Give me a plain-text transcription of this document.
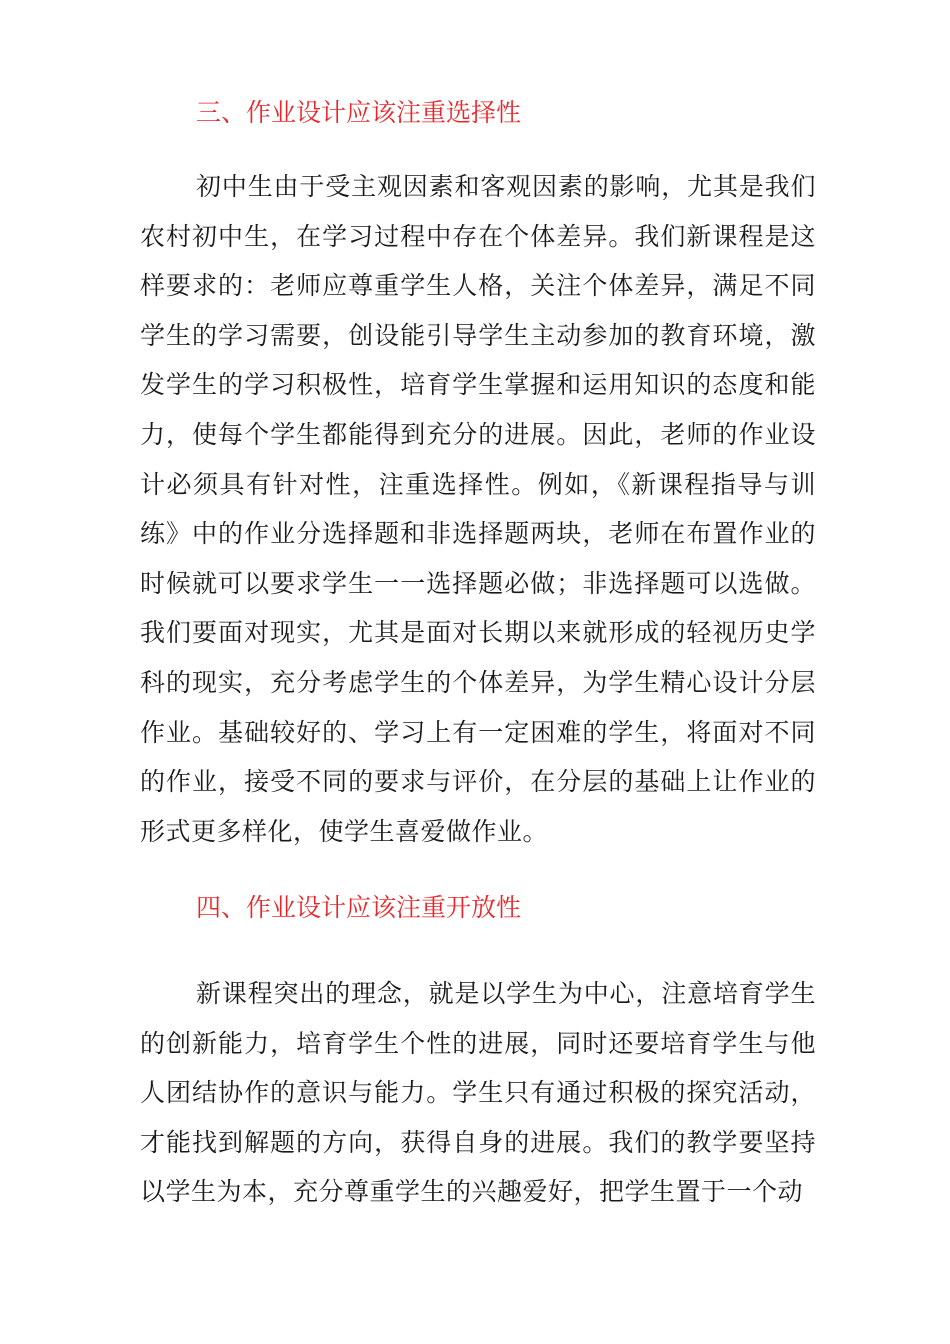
三、作业设计应该注重选择性

初中生由于受主观因素和客观因素的影响，尤其是我们农村初中生，在学习过程中存在个体差异。我们新课程是这样要求的：老师应尊重学生人格，关注个体差异，满足不同学生的学习需要，创设能引导学生主动参加的教育环境，激发学生的学习积极性，培育学生掌握和运用知识的态度和能力，使每个学生都能得到充分的进展。因此，老师的作业设计必须具有针对性，注重选择性。例如，《新课程指导与训练》中的作业分选择题和非选择题两块，老师在布置作业的时候就可以要求学生一一选择题必做；非选择题可以选做。我们要面对现实，尤其是面对长期以来就形成的轻视历史学科的现实，充分考虑学生的个体差异，为学生精心设计分层作业。基础较好的、学习上有一定困难的学生，将面对不同的作业，接受不同的要求与评价，在分层的基础上让作业的形式更多样化，使学生喜爱做作业。

四、作业设计应该注重开放性

新课程突出的理念，就是以学生为中心，注意培育学生的创新能力，培育学生个性的进展，同时还要培育学生与他人团结协作的意识与能力。学生只有通过积极的探究活动，才能找到解题的方向，获得自身的进展。我们的教学要坚持以学生为本，充分尊重学生的兴趣爱好，把学生置于一个动
